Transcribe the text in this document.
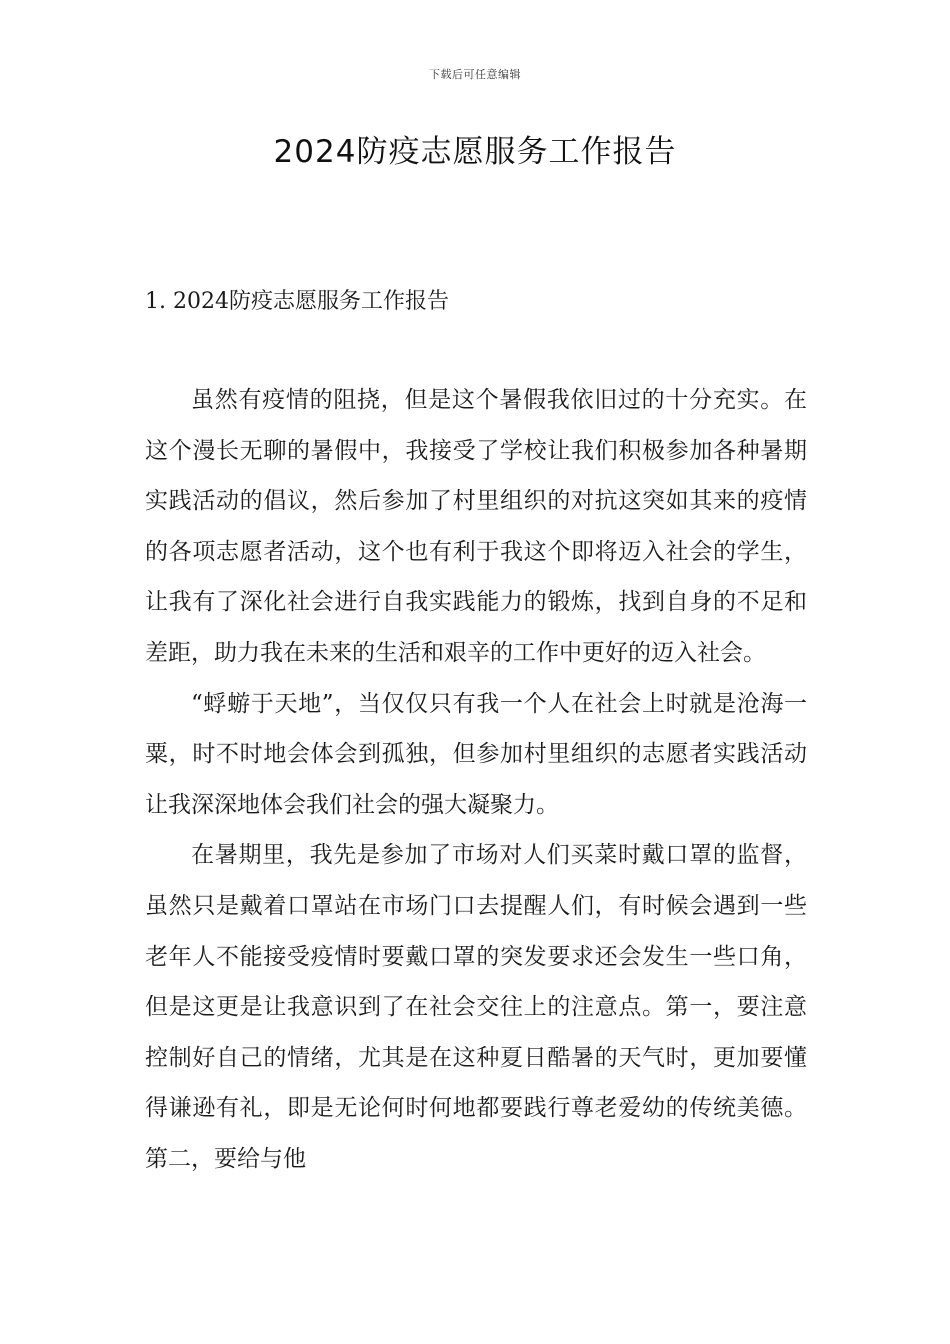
下载后可任意编辑
2024防疫志愿服务工作报告
1. 2024防疫志愿服务工作报告

虽然有疫情的阻挠，但是这个暑假我依旧过的十分充实。在这个漫长无聊的暑假中，我接受了学校让我们积极参加各种暑期实践活动的倡议，然后参加了村里组织的对抗这突如其来的疫情的各项志愿者活动，这个也有利于我这个即将迈入社会的学生，让我有了深化社会进行自我实践能力的锻炼，找到自身的不足和差距，助力我在未来的生活和艰辛的工作中更好的迈入社会。

“蜉蝣于天地”，当仅仅只有我一个人在社会上时就是沧海一粟，时不时地会体会到孤独，但参加村里组织的志愿者实践活动让我深深地体会我们社会的强大凝聚力。

在暑期里，我先是参加了市场对人们买菜时戴口罩的监督，虽然只是戴着口罩站在市场门口去提醒人们，有时候会遇到一些老年人不能接受疫情时要戴口罩的突发要求还会发生一些口角，但是这更是让我意识到了在社会交往上的注意点。第一，要注意控制好自己的情绪，尤其是在这种夏日酷暑的天气时，更加要懂得谦逊有礼，即是无论何时何地都要践行尊老爱幼的传统美德。第二，要给与他
